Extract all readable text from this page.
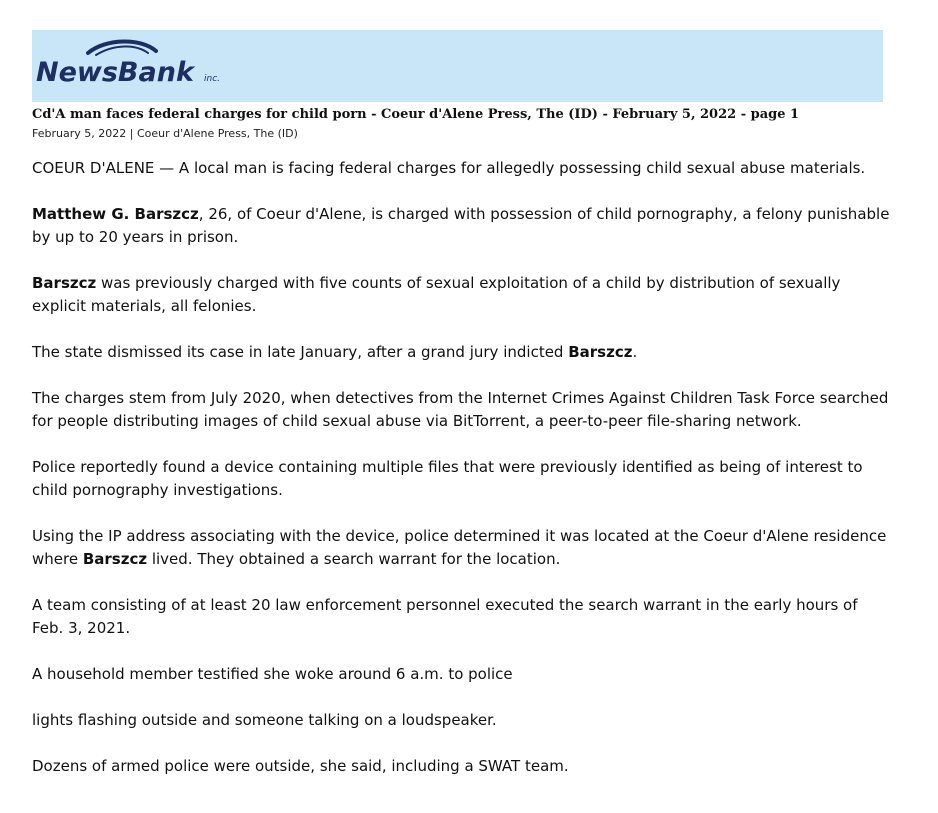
NewsBank inc.
Cd'A man faces federal charges for child porn - Coeur d'Alene Press, The (ID) - February 5, 2022 - page 1
February 5, 2022 | Coeur d'Alene Press, The (ID)

COEUR D'ALENE — A local man is facing federal charges for allegedly possessing child sexual abuse materials.

Matthew G. Barszcz, 26, of Coeur d'Alene, is charged with possession of child pornography, a felony punishable by up to 20 years in prison.

Barszcz was previously charged with five counts of sexual exploitation of a child by distribution of sexually explicit materials, all felonies.

The state dismissed its case in late January, after a grand jury indicted Barszcz.

The charges stem from July 2020, when detectives from the Internet Crimes Against Children Task Force searched for people distributing images of child sexual abuse via BitTorrent, a peer-to-peer file-sharing network.

Police reportedly found a device containing multiple files that were previously identified as being of interest to child pornography investigations.

Using the IP address associating with the device, police determined it was located at the Coeur d'Alene residence where Barszcz lived. They obtained a search warrant for the location.

A team consisting of at least 20 law enforcement personnel executed the search warrant in the early hours of Feb. 3, 2021.

A household member testified she woke around 6 a.m. to police

lights flashing outside and someone talking on a loudspeaker.

Dozens of armed police were outside, she said, including a SWAT team.
